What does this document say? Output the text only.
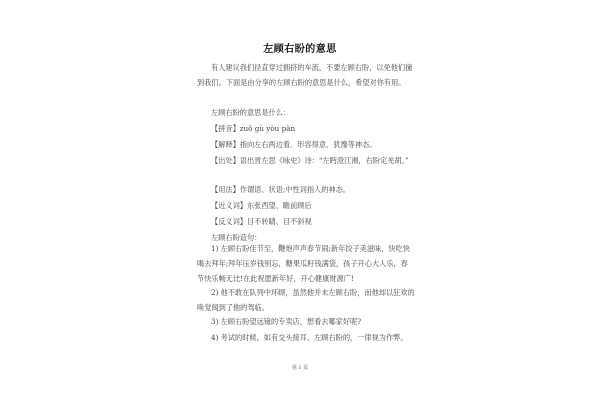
左顾右盼的意思

有人建议我们径直穿过拥挤的车流，不要左顾右盼，以免他们撞到我们。下面是由分享的左顾右盼的意思是什么，希望对你有用。

左顾右盼的意思是什么：

【拼音】zuǒ gù yòu pàn

【解释】指向左右两边看。形容得意、犹豫等神态。

【出处】语出晋左思《咏史》诗：“左眄澄江湘，右盼定羌胡。”

【用法】作谓语、状语;中性词指人的神态。

【近义词】东张西望、瞻前顾后

【反义词】目不转睛、目不斜视

左顾右盼造句：

1) 左顾右盼佳节至，鞭炮声声春节闹;新年饺子美滋味，快吃快喝去拜年;拜年压岁钱别忘，糖果瓜籽钱满袋，孩子开心大人乐，春节快乐畅无比!在此祝愿新年好，开心健康财源广!

2) 他不敢在队列中环顾，虽然他并未左顾右盼，而他却以狂欢的唤觉闻到了他的驾临。

3) 左顾右盼望远镜的专卖店，想看去哪家好呢?

4) 考试的时候，如有交头接耳、左顾右盼的，一律视为作弊。

第 1 页
